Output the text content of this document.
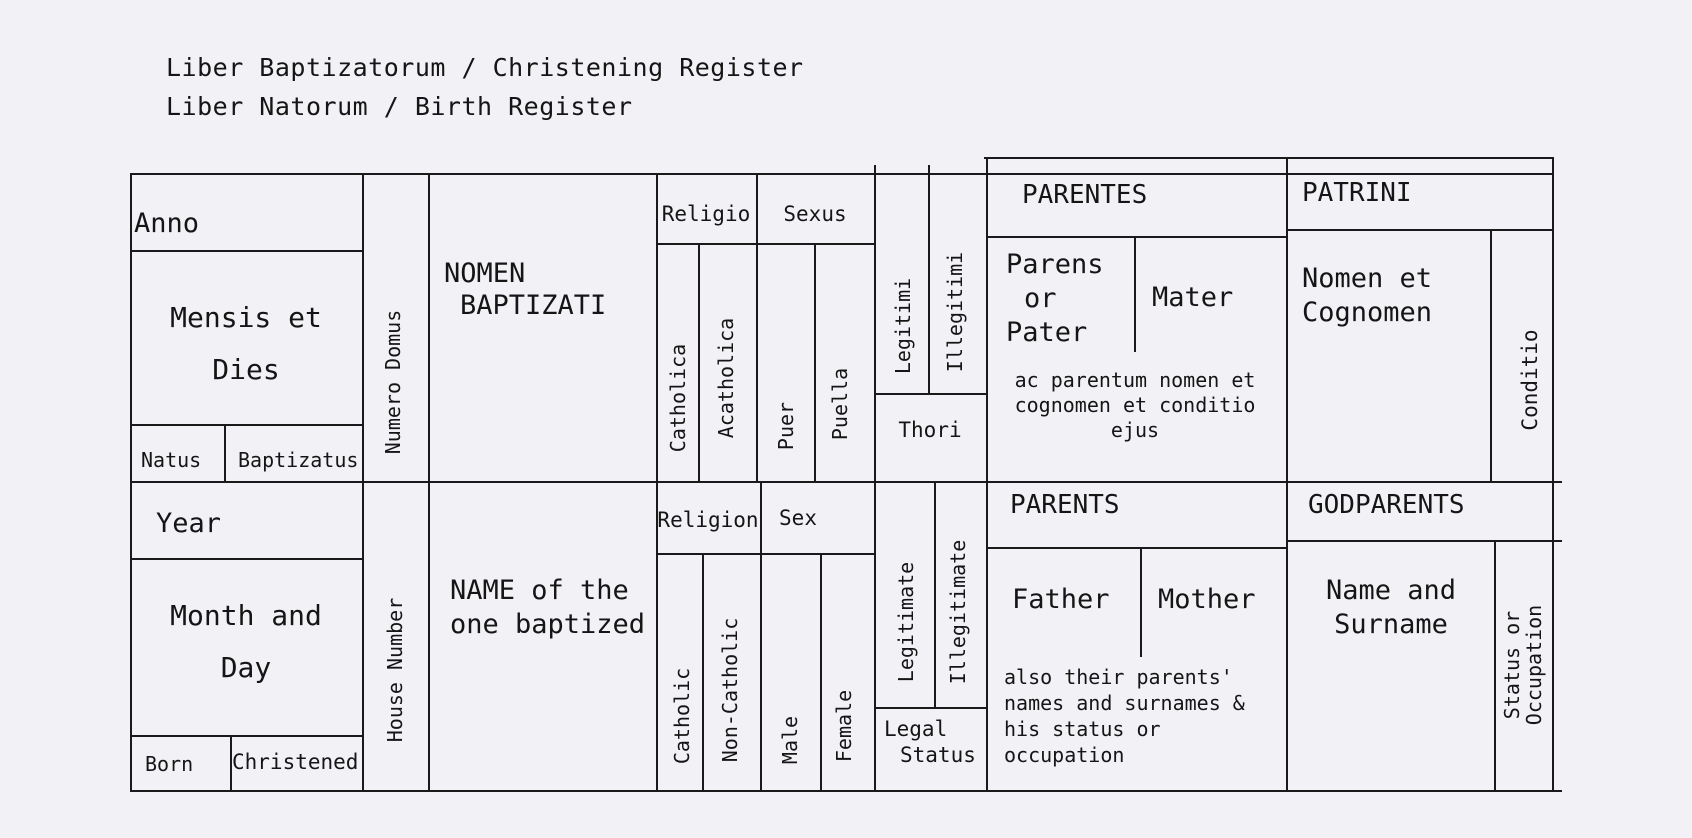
Liber Baptizatorum / Christening Register
Liber Natorum / Birth Register
Anno
Mensis et
Dies
Natus Baptizatus
Numero Domus
NOMEN
BAPTIZATI
Religio	Sexus
Catholica Acatholica Puer Puella
Legitimi Illegitimi
Thori
PARENTES
Parens
or
Pater
Mater
ac parentum nomen et
cognomen et conditio
ejus
PATRINI
Nomen et
Cognomen
Conditio
Year
Month and
Day
Born Christened
House Number
NAME of the
one baptized
Religion Sex
Catholic Non-Catholic Male Female
Legitimate Illegitimate
Legal
Status
PARENTS
Father Mother
also their parents'
names and surnames &
his status or
occupation
GODPARENTS
Name and
Surname	Status or
Occupation
